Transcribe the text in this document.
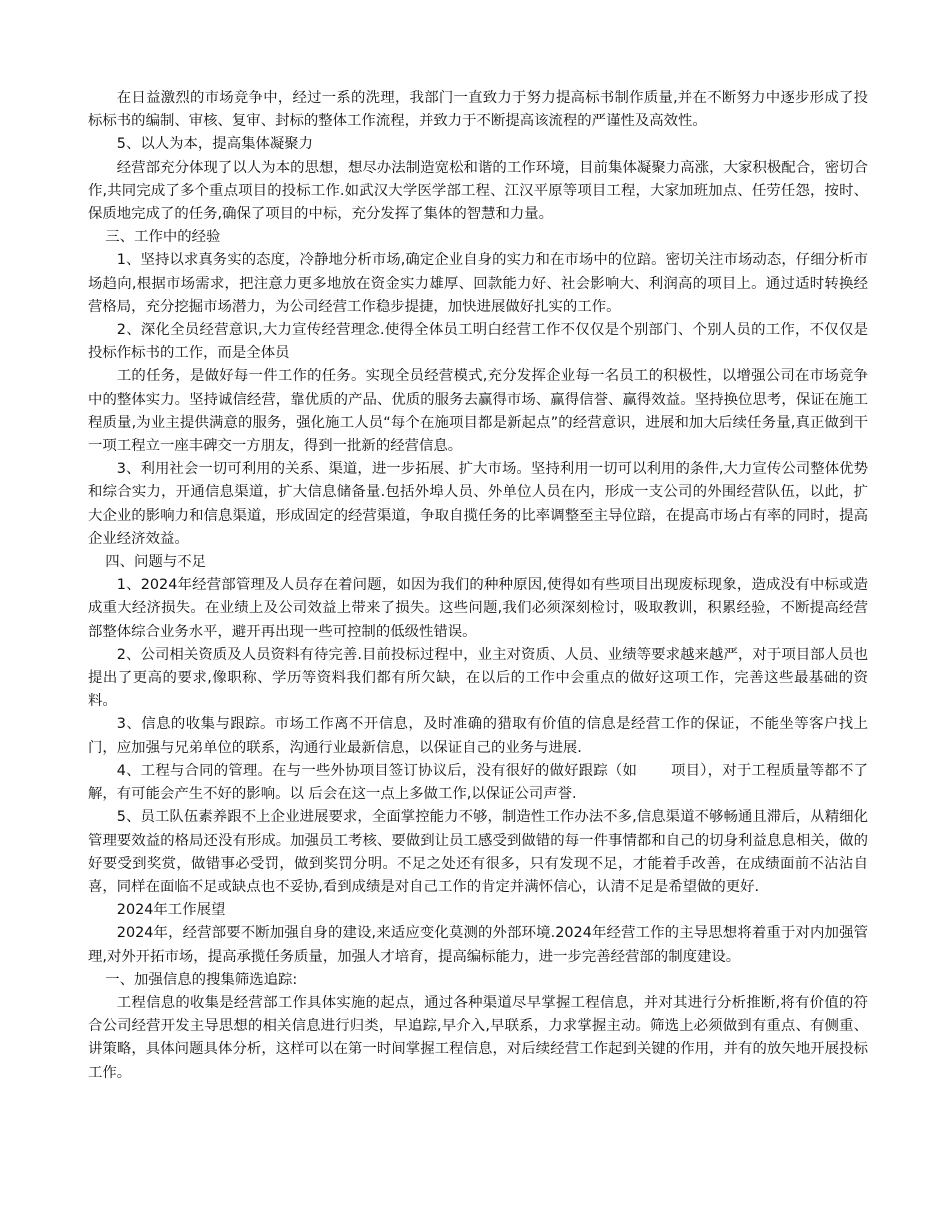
在日益激烈的市场竞争中，经过一系的洗理，我部门一直致力于努力提高标书制作质量,并在不断努力中逐步形成了投标标书的编制、审核、复审、封标的整体工作流程，并致力于不断提高该流程的严谨性及高效性。

5、以人为本，提高集体凝聚力

经营部充分体现了以人为本的思想，想尽办法制造宽松和谐的工作环境，目前集体凝聚力高涨，大家积极配合，密切合作,共同完成了多个重点项目的投标工作.如武汉大学医学部工程、江汉平原等项目工程，大家加班加点、任劳任怨，按时、保质地完成了的任务,确保了项目的中标，充分发挥了集体的智慧和力量。

三、工作中的经验

1、坚持以求真务实的态度，冷静地分析市场,确定企业自身的实力和在市场中的位踣。密切关注市场动态，仔细分析市场趋向,根据市场需求，把注意力更多地放在资金实力雄厚、回款能力好、社会影响大、利润高的项目上。通过适时转换经营格局，充分挖掘市场潜力，为公司经营工作稳步提捷，加快进展做好扎实的工作。

2、深化全员经营意识,大力宣传经营理念.使得全体员工明白经营工作不仅仅是个别部门、个别人员的工作，不仅仅是投标作标书的工作，而是全体员

工的任务，是做好每一件工作的任务。实现全员经营模式,充分发挥企业每一名员工的积极性，以增强公司在市场竞争中的整体实力。坚持诚信经营，靠优质的产品、优质的服务去赢得市场、赢得信誉、赢得效益。坚持换位思考，保证在施工程质量,为业主提供满意的服务，强化施工人员“每个在施项目都是新起点”的经营意识，进展和加大后续任务量,真正做到干一项工程立一座丰碑交一方朋友，得到一批新的经营信息。

3、利用社会一切可利用的关系、渠道，进一步拓展、扩大市场。坚持利用一切可以利用的条件,大力宣传公司整体优势和综合实力，开通信息渠道，扩大信息储备量.包括外埠人员、外单位人员在内，形成一支公司的外围经营队伍，以此，扩大企业的影响力和信息渠道，形成固定的经营渠道，争取自揽任务的比率调整至主导位踣，在提高市场占有率的同时，提高企业经济效益。

四、问题与不足

1、2024年经营部管理及人员存在着问题，如因为我们的种种原因,使得如有些项目出现废标现象，造成没有中标或造成重大经济损失。在业绩上及公司效益上带来了损失。这些问题,我们必须深刻检讨，吸取教训，积累经验，不断提高经营部整体综合业务水平，避开再出现一些可控制的低级性错误。

2、公司相关资质及人员资料有待完善.目前投标过程中，业主对资质、人员、业绩等要求越来越严，对于项目部人员也提出了更高的要求,像职称、学历等资料我们都有所欠缺，在以后的工作中会重点的做好这项工作，完善这些最基础的资料。

3、信息的收集与跟踪。市场工作离不开信息，及时准确的猎取有价值的信息是经营工作的保证，不能坐等客户找上门，应加强与兄弟单位的联系，沟通行业最新信息，以保证自己的业务与进展.

4、工程与合同的管理。在与一些外协项目签订协议后，没有很好的做好跟踪（如　　 项目），对于工程质量等都不了解，有可能会产生不好的影响。以 后会在这一点上多做工作,以保证公司声誉.

5、员工队伍素养跟不上企业进展要求，全面掌控能力不够，制造性工作办法不多,信息渠道不够畅通且滞后，从精细化管理要效益的格局还没有形成。加强员工考核、要做到让员工感受到做错的每一件事情都和自己的切身利益息息相关，做的好要受到奖赏，做错事必受罚，做到奖罚分明。不足之处还有很多，只有发现不足，才能着手改善，在成绩面前不沾沾自喜，同样在面临不足或缺点也不妥协,看到成绩是对自己工作的肯定并满怀信心，认清不足是希望做的更好.

2024年工作展望

2024年，经营部要不断加强自身的建设,来适应变化莫测的外部环境.2024年经营工作的主导思想将着重于对内加强管理,对外开拓市场，提高承揽任务质量，加强人才培育，提高编标能力，进一步完善经营部的制度建设。

一、加强信息的搜集筛选追踪:

工程信息的收集是经营部工作具体实施的起点，通过各种渠道尽早掌握工程信息，并对其进行分析推断,将有价值的符合公司经营开发主导思想的相关信息进行归类，早追踪,早介入,早联系，力求掌握主动。筛选上必须做到有重点、有侧重、讲策略，具体问题具体分析，这样可以在第一时间掌握工程信息，对后续经营工作起到关键的作用，并有的放矢地开展投标工作。
